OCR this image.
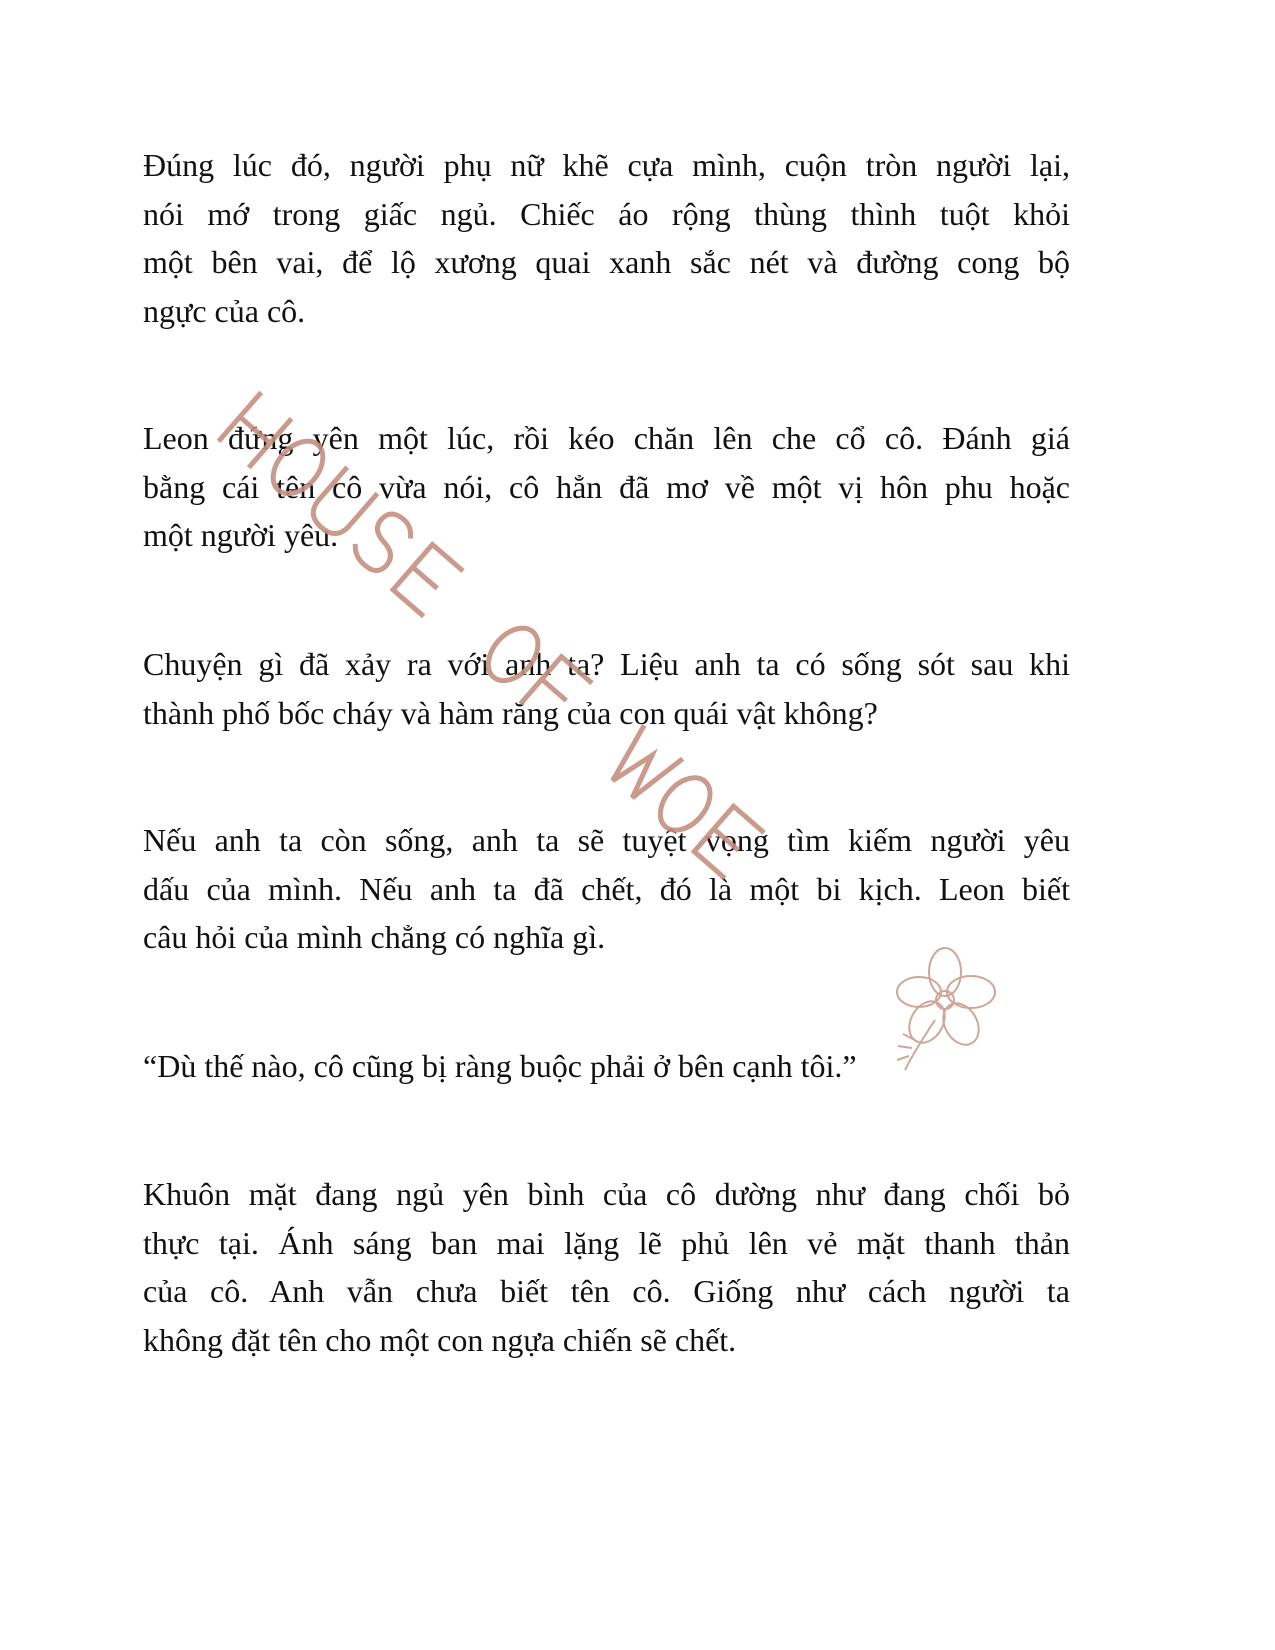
Đúng lúc đó, người phụ nữ khẽ cựa mình, cuộn tròn người lại,
nói mớ trong giấc ngủ. Chiếc áo rộng thùng thình tuột khỏi
một bên vai, để lộ xương quai xanh sắc nét và đường cong bộ
ngực của cô.
Leon đứng yên một lúc, rồi kéo chăn lên che cổ cô. Đánh giá
bằng cái tên cô vừa nói, cô hẳn đã mơ về một vị hôn phu hoặc
một người yêu.
Chuyện gì đã xảy ra với anh ta? Liệu anh ta có sống sót sau khi
thành phố bốc cháy và hàm răng của con quái vật không?
Nếu anh ta còn sống, anh ta sẽ tuyệt vọng tìm kiếm người yêu
dấu của mình. Nếu anh ta đã chết, đó là một bi kịch. Leon biết
câu hỏi của mình chẳng có nghĩa gì.
“Dù thế nào, cô cũng bị ràng buộc phải ở bên cạnh tôi.”
Khuôn mặt đang ngủ yên bình của cô dường như đang chối bỏ
thực tại. Ánh sáng ban mai lặng lẽ phủ lên vẻ mặt thanh thản
của cô. Anh vẫn chưa biết tên cô. Giống như cách người ta
không đặt tên cho một con ngựa chiến sẽ chết.
